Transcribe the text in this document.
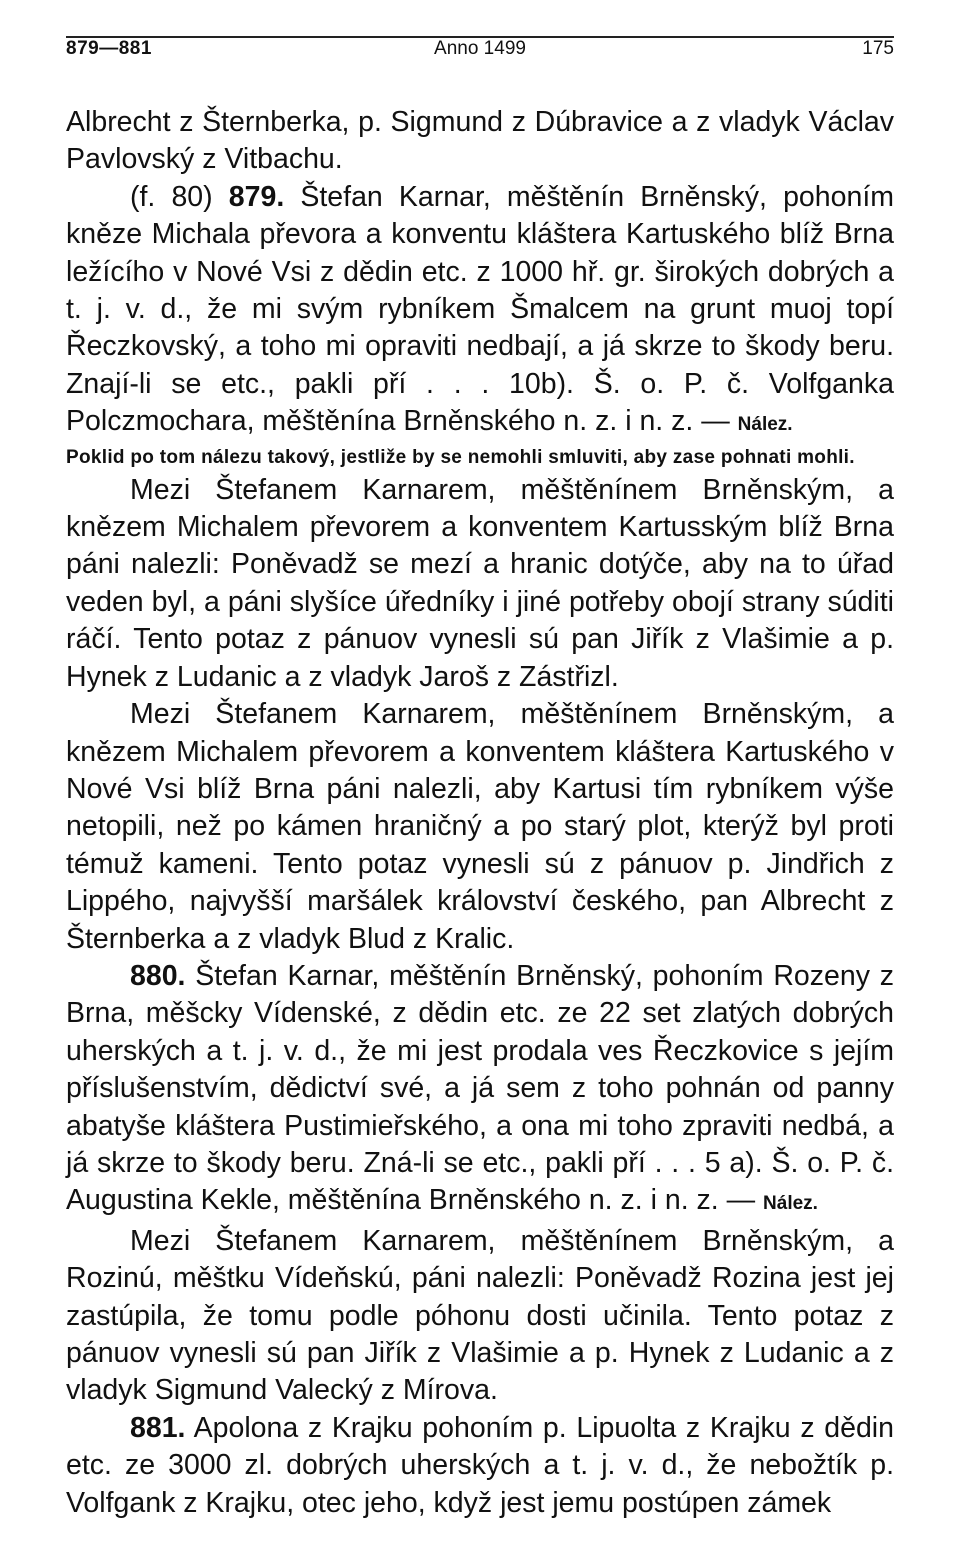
879—881	Anno 1499	175

Albrecht z Šternberka, p. Sigmund z Dúbravice a z vladyk Václav Pavlovský z Vitbachu.

(f. 80) 879. Štefan Karnar, měštěnín Brněnský, pohoním kněze Michala převora a konventu kláštera Kartuského blíž Brna ležícího v Nové Vsi z dědin etc. z 1000 hř. gr. širokých dobrých a t. j. v. d., že mi svým rybníkem Šmalcem na grunt muoj topí Řeczkovský, a toho mi opraviti nedbají, a já skrze to škody beru. Znají-li se etc., pakli pří . . . 10b). Š. o. P. č. Volfganka Polczmochara, měštěnína Brněnského n. z. i n. z. — Nález.

Poklid po tom nálezu takový, jestliže by se nemohli smluviti, aby zase pohnati mohli.

Mezi Štefanem Karnarem, měštěnínem Brněnským, a knězem Michalem převorem a konventem Kartusským blíž Brna páni nalezli: Poněvadž se mezí a hranic dotýče, aby na to úřad veden byl, a páni slyšíce úředníky i jiné potřeby obojí strany súditi ráčí. Tento potaz z pánuov vynesli sú pan Jiřík z Vlašimie a p. Hynek z Ludanic a z vladyk Jaroš z Zástřizl.

Mezi Štefanem Karnarem, měštěnínem Brněnským, a knězem Michalem převorem a konventem kláštera Kartuského v Nové Vsi blíž Brna páni nalezli, aby Kartusi tím rybníkem výše netopili, než po kámen hraničný a po starý plot, kterýž byl proti témuž kameni. Tento potaz vynesli sú z pánuov p. Jindřich z Lippého, najvyšší maršálek království českého, pan Albrecht z Šternberka a z vladyk Blud z Kralic.

880. Štefan Karnar, měštěnín Brněnský, pohoním Rozeny z Brna, měšcky Vídenské, z dědin etc. ze 22 set zlatých dobrých uherských a t. j. v. d., že mi jest prodala ves Řeczkovice s jejím příslušenstvím, dědictví své, a já sem z toho pohnán od panny abatyše kláštera Pustimieřského, a ona mi toho zpraviti nedbá, a já skrze to škody beru. Zná-li se etc., pakli pří . . . 5 a). Š. o. P. č. Augustina Kekle, měštěnína Brněnského n. z. i n. z. — Nález.

Mezi Štefanem Karnarem, měštěnínem Brněnským, a Rozinú, měštku Vídeňskú, páni nalezli: Poněvadž Rozina jest jej zastúpila, že tomu podle póhonu dosti učinila. Tento potaz z pánuov vynesli sú pan Jiřík z Vlašimie a p. Hynek z Ludanic a z vladyk Sigmund Valecký z Mírova.

881. Apolona z Krajku pohoním p. Lipuolta z Krajku z dědin etc. ze 3000 zl. dobrých uherských a t. j. v. d., že nebožtík p. Volfgank z Krajku, otec jeho, když jest jemu postúpen zámek
